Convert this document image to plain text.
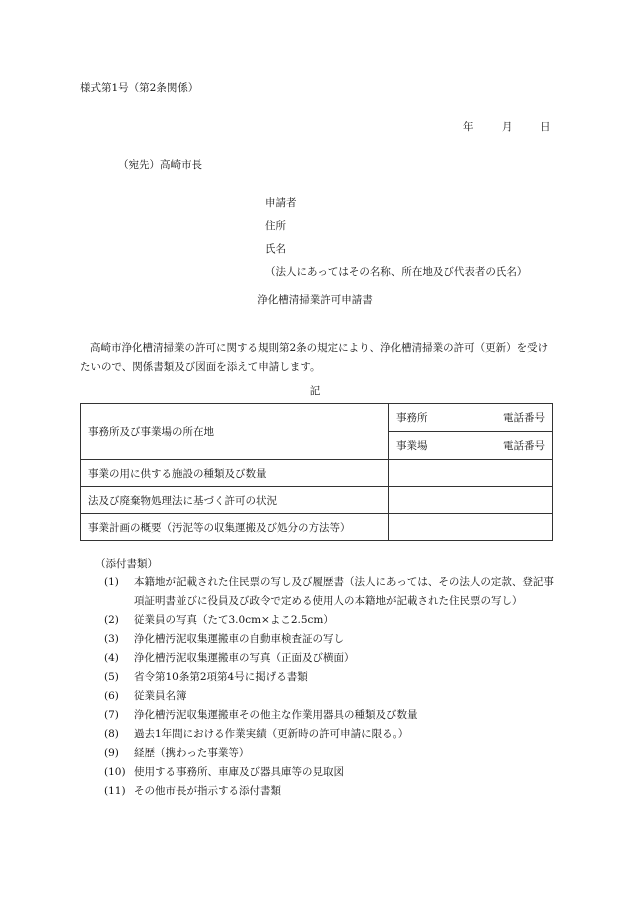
様式第1号（第2条関係）
年	月	日
（宛先）高崎市長
申請者
住所
氏名
（法人にあってはその名称、所在地及び代表者の氏名）
浄化槽清掃業許可申請書
高崎市浄化槽清掃業の許可に関する規則第2条の規定により、浄化槽清掃業の許可（更新）を受けたいので、関係書類及び図面を添えて申請します。
記
事務所及び事業場の所在地	事務所 電話番号

	事業場 電話番号

事業の用に供する施設の種類及び数量	
法及び廃棄物処理法に基づく許可の状況	
事業計画の概要（汚泥等の収集運搬及び処分の方法等）	
（添付書類）
(1)	本籍地が記載された住民票の写し及び履歴書（法人にあっては、その法人の定款、登記事項証明書並びに役員及び政令で定める使用人の本籍地が記載された住民票の写し）
(2)	従業員の写真（たて3.0cm×よこ2.5cm）
(3)	浄化槽汚泥収集運搬車の自動車検査証の写し
(4)	浄化槽汚泥収集運搬車の写真（正面及び横面）
(5)	省令第10条第2項第4号に掲げる書類
(6)	従業員名簿
(7)	浄化槽汚泥収集運搬車その他主な作業用器具の種類及び数量
(8)	過去1年間における作業実績（更新時の許可申請に限る。）
(9)	経歴（携わった事業等）
(10) 使用する事務所、車庫及び器具庫等の見取図
(11) その他市長が指示する添付書類
